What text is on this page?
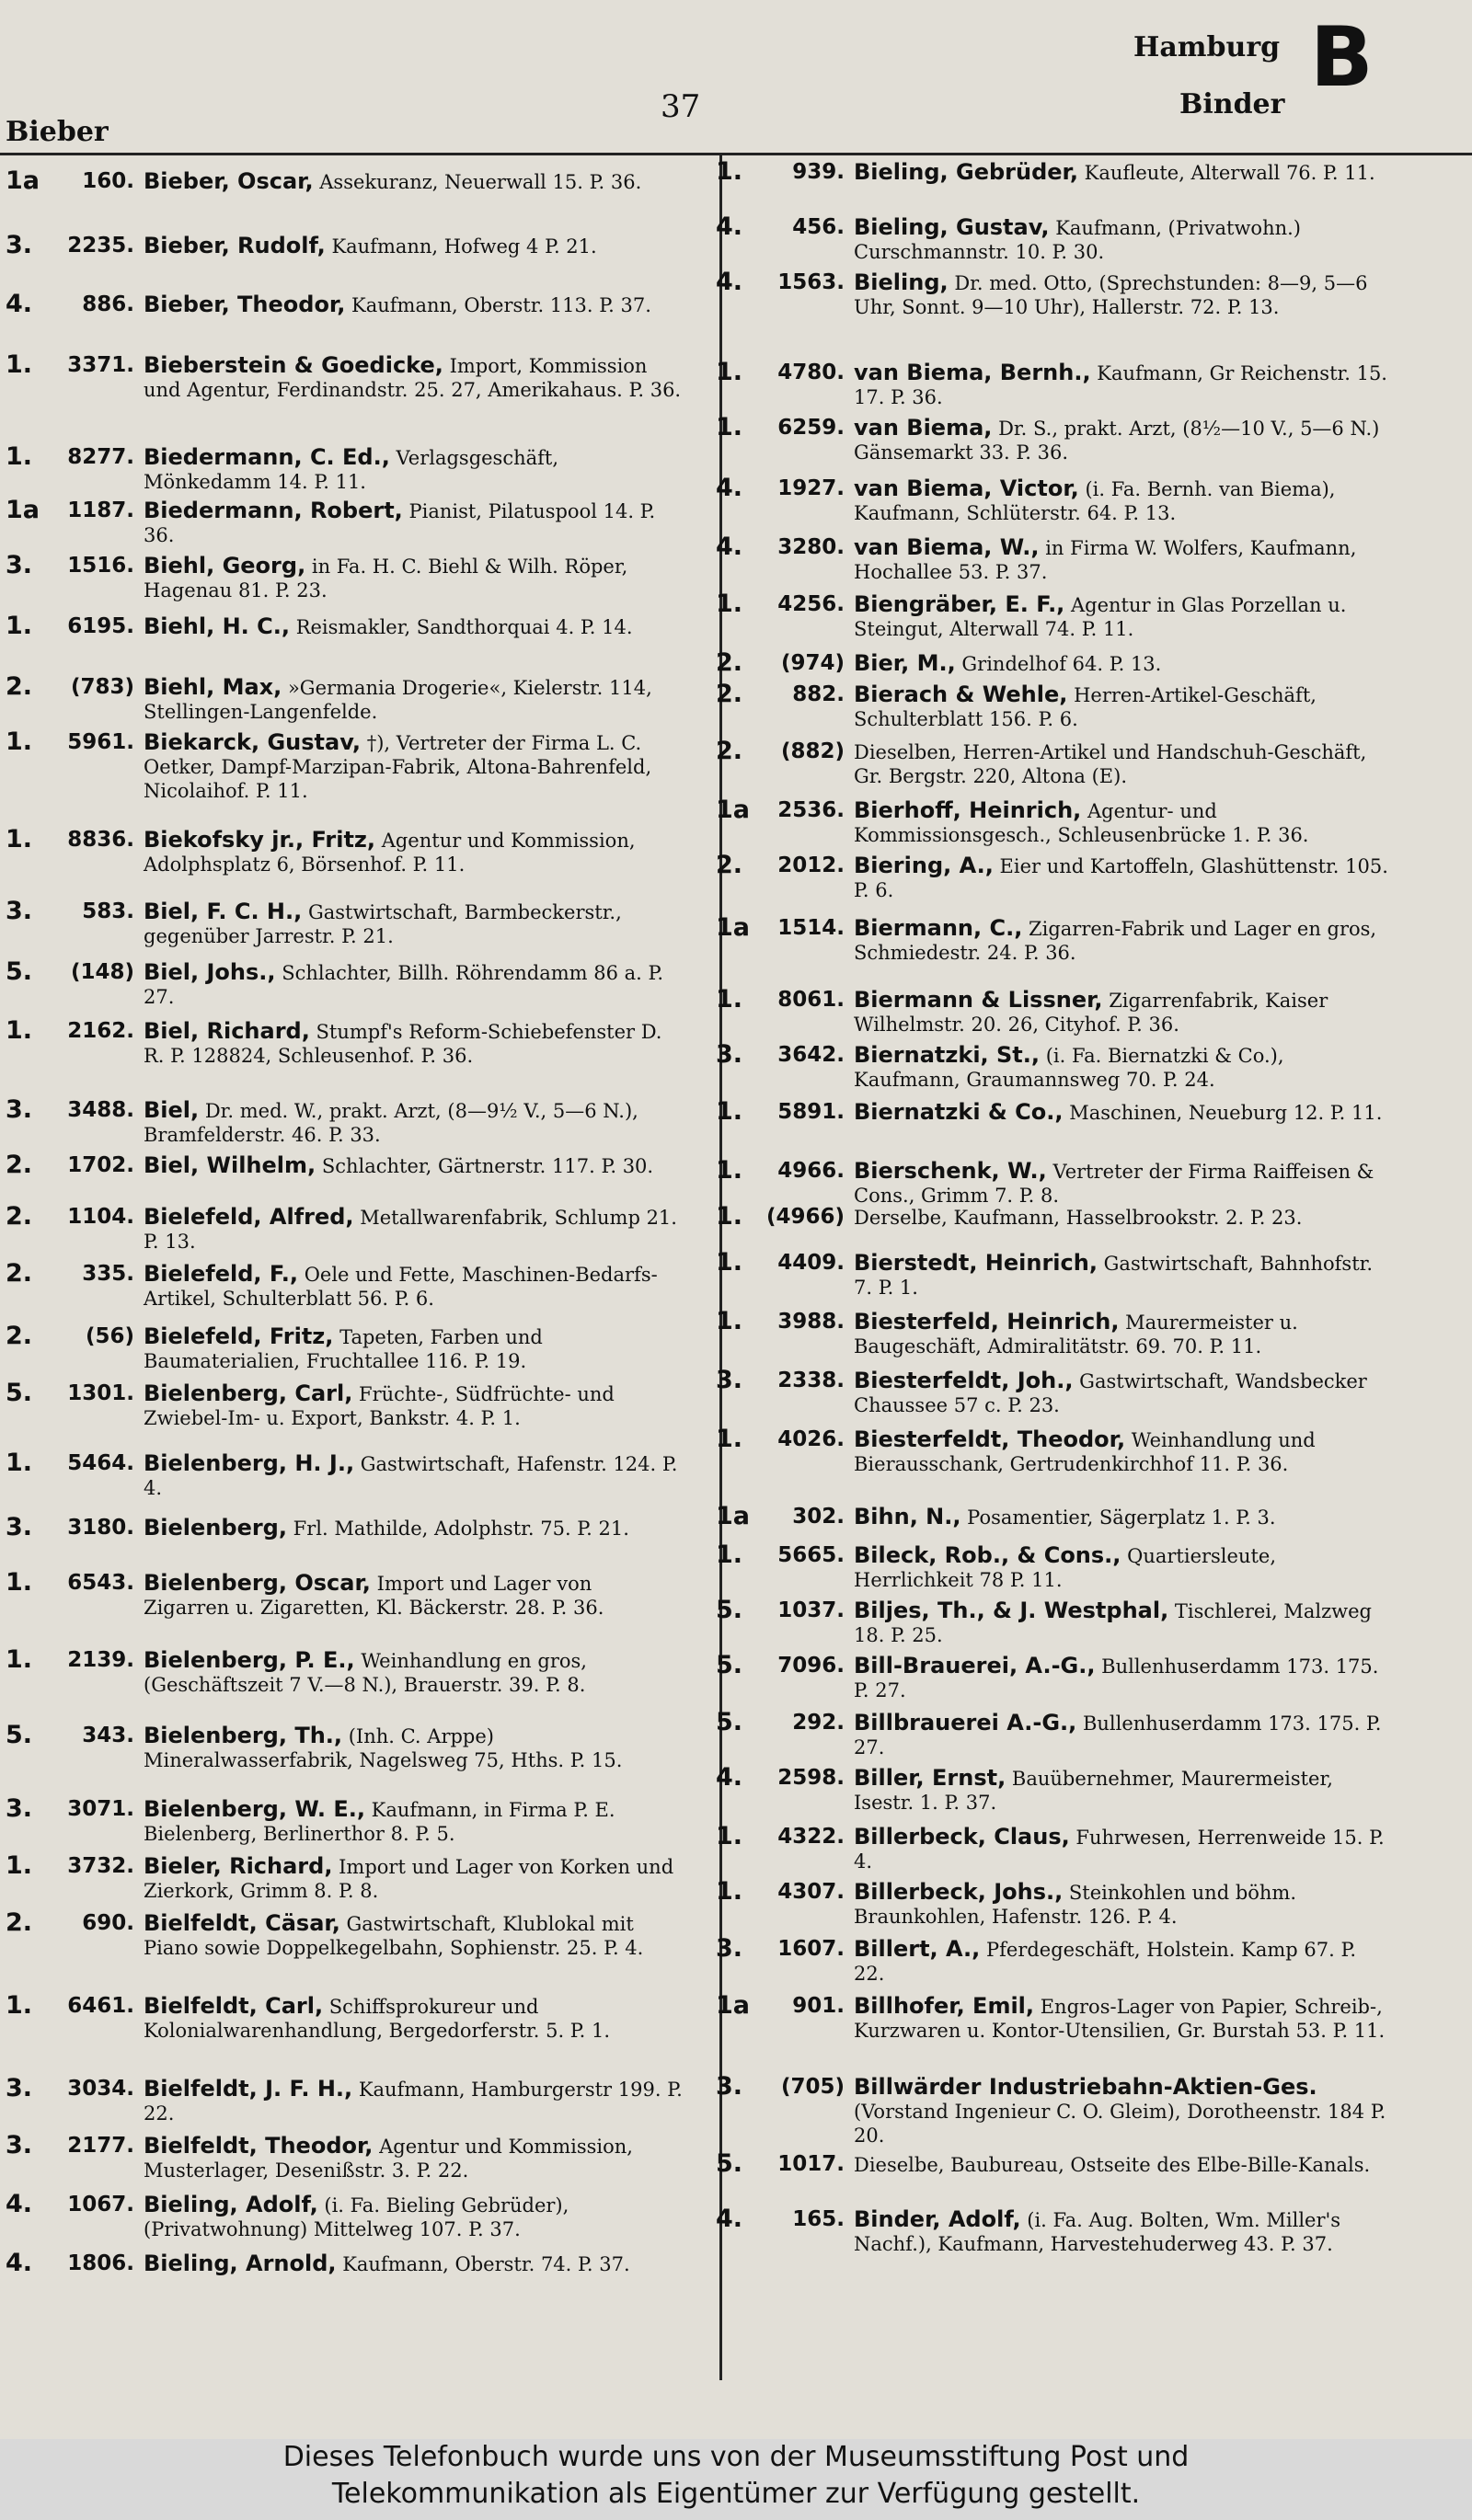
Bieber
37
Hamburg B
Binder
1a	160. Bieber, Oscar, Assekuranz, Neuerwall 15. P. 36.
3.	2235. Bieber, Rudolf, Kaufmann, Hofweg 4 P. 21.
4.	886. Bieber, Theodor, Kaufmann, Oberstr. 113. P. 37.
1.	3371. Bieberstein & Goedicke, Import, Kommission und Agentur, Ferdinandstr. 25. 27, Amerikahaus. P. 36.
1.	8277. Biedermann, C. Ed., Verlagsgeschäft, Mönkedamm 14. P. 11.
1a	1187. Biedermann, Robert, Pianist, Pilatuspool 14. P. 36.
3.	1516. Biehl, Georg, in Fa. H. C. Biehl & Wilh. Röper, Hagenau 81. P. 23.
1.	6195. Biehl, H. C., Reismakler, Sandthorquai 4. P. 14.
2.	(783) Biehl, Max, »Germania Drogerie«, Kielerstr. 114, Stellingen-Langenfelde.
1.	5961. Biekarck, Gustav, †), Vertreter der Firma L. C. Oetker, Dampf-Marzipan-Fabrik, Altona-Bahrenfeld, Nicolaihof. P. 11.
1.	8836. Biekofsky jr., Fritz, Agentur und Kommission, Adolphsplatz 6, Börsenhof. P. 11.
3.	583. Biel, F. C. H., Gastwirtschaft, Barmbeckerstr., gegenüber Jarrestr. P. 21.
5.	(148) Biel, Johs., Schlachter, Billh. Röhrendamm 86 a. P. 27.
1.	2162. Biel, Richard, Stumpf's Reform-Schiebefenster D. R. P. 128824, Schleusenhof. P. 36.
3.	3488. Biel, Dr. med. W., prakt. Arzt, (8—9½ V., 5—6 N.), Bramfelderstr. 46. P. 33.
2.	1702. Biel, Wilhelm, Schlachter, Gärtnerstr. 117. P. 30.
2.	1104. Bielefeld, Alfred, Metallwarenfabrik, Schlump 21. P. 13.
2.	335. Bielefeld, F., Oele und Fette, Maschinen-Bedarfs-Artikel, Schulterblatt 56. P. 6.
2.	(56) Bielefeld, Fritz, Tapeten, Farben und Baumaterialien, Fruchtallee 116. P. 19.
5.	1301. Bielenberg, Carl, Früchte-, Südfrüchte- und Zwiebel-Im- u. Export, Bankstr. 4. P. 1.
1.	5464. Bielenberg, H. J., Gastwirtschaft, Hafenstr. 124. P. 4.
3.	3180. Bielenberg, Frl. Mathilde, Adolphstr. 75. P. 21.
1.	6543. Bielenberg, Oscar, Import und Lager von Zigarren u. Zigaretten, Kl. Bäckerstr. 28. P. 36.
1.	2139. Bielenberg, P. E., Weinhandlung en gros, (Geschäftszeit 7 V.—8 N.), Brauerstr. 39. P. 8.
5.	343. Bielenberg, Th., (Inh. C. Arppe) Mineralwasserfabrik, Nagelsweg 75, Hths. P. 15.
3.	3071. Bielenberg, W. E., Kaufmann, in Firma P. E. Bielenberg, Berlinerthor 8. P. 5.
1.	3732. Bieler, Richard, Import und Lager von Korken und Zierkork, Grimm 8. P. 8.
2.	690. Bielfeldt, Cäsar, Gastwirtschaft, Klublokal mit Piano sowie Doppelkegelbahn, Sophienstr. 25. P. 4.
1.	6461. Bielfeldt, Carl, Schiffsprokureur und Kolonialwarenhandlung, Bergedorferstr. 5. P. 1.
3.	3034. Bielfeldt, J. F. H., Kaufmann, Hamburgerstr 199. P. 22.
3.	2177. Bielfeldt, Theodor, Agentur und Kommission, Musterlager, Desenißstr. 3. P. 22.
4.	1067. Bieling, Adolf, (i. Fa. Bieling Gebrüder), (Privatwohnung) Mittelweg 107. P. 37.
4.	1806. Bieling, Arnold, Kaufmann, Oberstr. 74. P. 37.
1.	939. Bieling, Gebrüder, Kaufleute, Alterwall 76. P. 11.
4.	456. Bieling, Gustav, Kaufmann, (Privatwohn.) Curschmannstr. 10. P. 30.
4.	1563. Bieling, Dr. med. Otto, (Sprechstunden: 8—9, 5—6 Uhr, Sonnt. 9—10 Uhr), Hallerstr. 72. P. 13.
1.	4780. van Biema, Bernh., Kaufmann, Gr Reichenstr. 15. 17. P. 36.
1.	6259. van Biema, Dr. S., prakt. Arzt, (8½—10 V., 5—6 N.) Gänsemarkt 33. P. 36.
4.	1927. van Biema, Victor, (i. Fa. Bernh. van Biema), Kaufmann, Schlüterstr. 64. P. 13.
4.	3280. van Biema, W., in Firma W. Wolfers, Kaufmann, Hochallee 53. P. 37.
1.	4256. Biengräber, E. F., Agentur in Glas Porzellan u. Steingut, Alterwall 74. P. 11.
2.	(974) Bier, M., Grindelhof 64. P. 13.
2.	882. Bierach & Wehle, Herren-Artikel-Geschäft, Schulterblatt 156. P. 6.
2.	(882) Dieselben, Herren-Artikel und Handschuh-Geschäft, Gr. Bergstr. 220, Altona (E).
1a	2536. Bierhoff, Heinrich, Agentur- und Kommissionsgesch., Schleusenbrücke 1. P. 36.
2.	2012. Biering, A., Eier und Kartoffeln, Glashüttenstr. 105. P. 6.
1a	1514. Biermann, C., Zigarren-Fabrik und Lager en gros, Schmiedestr. 24. P. 36.
1.	8061. Biermann & Lissner, Zigarrenfabrik, Kaiser Wilhelmstr. 20. 26, Cityhof. P. 36.
3.	3642. Biernatzki, St., (i. Fa. Biernatzki & Co.), Kaufmann, Graumannsweg 70. P. 24.
1.	5891. Biernatzki & Co., Maschinen, Neueburg 12. P. 11.
1.	4966. Bierschenk, W., Vertreter der Firma Raiffeisen & Cons., Grimm 7. P. 8.
1.	(4966) Derselbe, Kaufmann, Hasselbrookstr. 2. P. 23.
1.	4409. Bierstedt, Heinrich, Gastwirtschaft, Bahnhofstr. 7. P. 1.
1.	3988. Biesterfeld, Heinrich, Maurermeister u. Baugeschäft, Admiralitätstr. 69. 70. P. 11.
3.	2338. Biesterfeldt, Joh., Gastwirtschaft, Wandsbecker Chaussee 57 c. P. 23.
1.	4026. Biesterfeldt, Theodor, Weinhandlung und Bierausschank, Gertrudenkirchhof 11. P. 36.
1a	302. Bihn, N., Posamentier, Sägerplatz 1. P. 3.
1.	5665. Bileck, Rob., & Cons., Quartiersleute, Herrlichkeit 78 P. 11.
5.	1037. Biljes, Th., & J. Westphal, Tischlerei, Malzweg 18. P. 25.
5.	7096. Bill-Brauerei, A.-G., Bullenhuserdamm 173. 175. P. 27.
5.	292. Billbrauerei A.-G., Bullenhuserdamm 173. 175. P. 27.
4.	2598. Biller, Ernst, Bauübernehmer, Maurermeister, Isestr. 1. P. 37.
1.	4322. Billerbeck, Claus, Fuhrwesen, Herrenweide 15. P. 4.
1.	4307. Billerbeck, Johs., Steinkohlen und böhm. Braunkohlen, Hafenstr. 126. P. 4.
3.	1607. Billert, A., Pferdegeschäft, Holstein. Kamp 67. P. 22.
1a	901. Billhofer, Emil, Engros-Lager von Papier, Schreib-, Kurzwaren u. Kontor-Utensilien, Gr. Burstah 53. P. 11.
3.	(705) Billwärder Industriebahn-Aktien-Ges. (Vorstand Ingenieur C. O. Gleim), Dorotheenstr. 184 P. 20.
5.	1017. Dieselbe, Baubureau, Ostseite des Elbe-Bille-Kanals.
4.	165. Binder, Adolf, (i. Fa. Aug. Bolten, Wm. Miller's Nachf.), Kaufmann, Harvestehuderweg 43. P. 37.
Dieses Telefonbuch wurde uns von der Museumsstiftung Post und
Telekommunikation als Eigentümer zur Verfügung gestellt.
